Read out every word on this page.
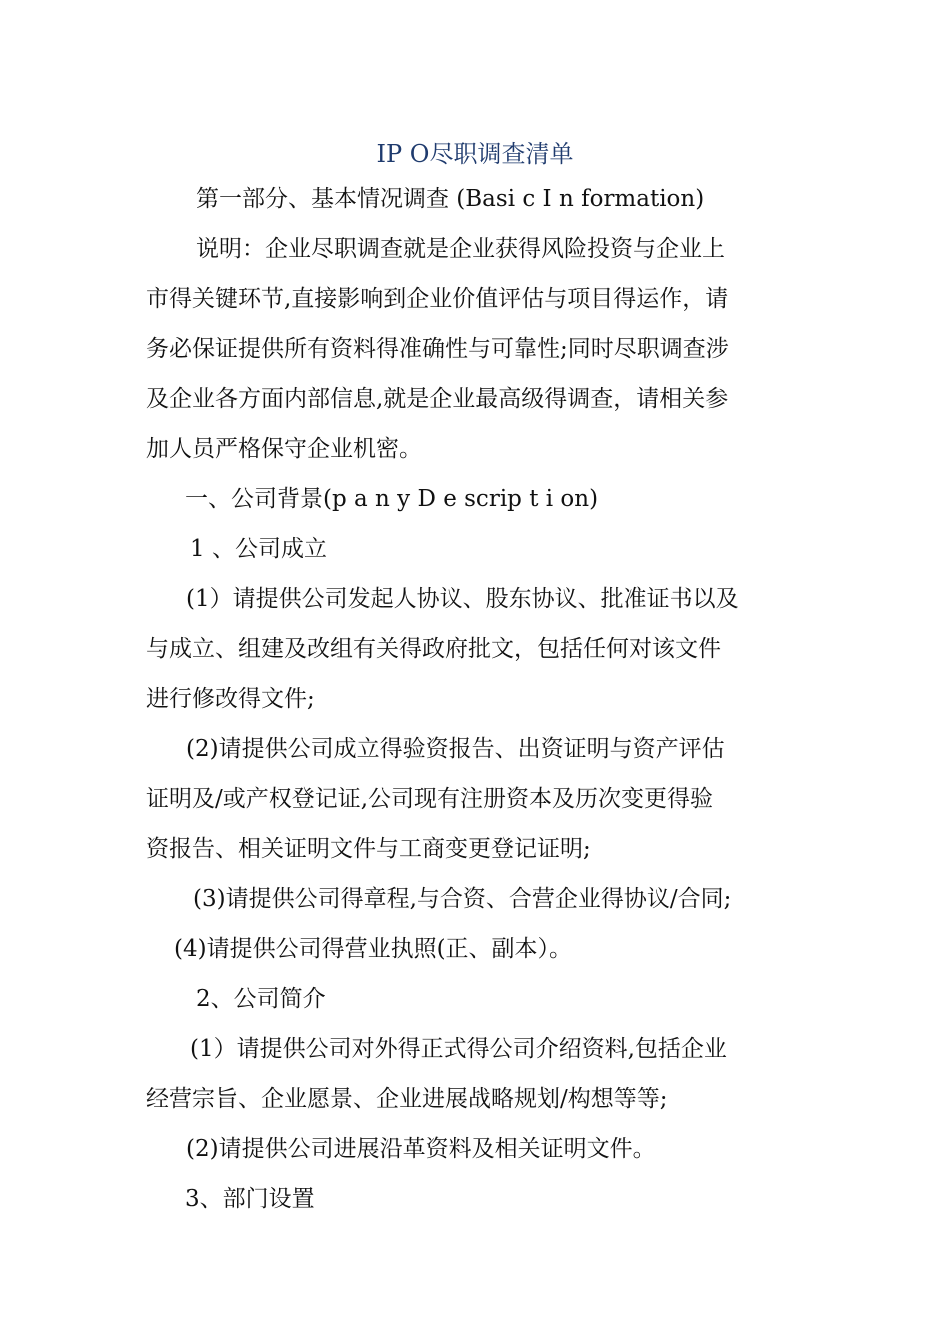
IP O尽职调查清单
第一部分、基本情况调查 (Basi c I n formation)
说明：企业尽职调查就是企业获得风险投资与企业上
市得关键环节,直接影响到企业价值评估与项目得运作，请
务必保证提供所有资料得准确性与可靠性;同时尽职调查涉
及企业各方面内部信息,就是企业最高级得调查，请相关参
加人员严格保守企业机密。
一、公司背景(p a n y D e scrip t i on)
1 、公司成立
(1）请提供公司发起人协议、股东协议、批准证书以及
与成立、组建及改组有关得政府批文，包括任何对该文件
进行修改得文件;
(2)请提供公司成立得验资报告、出资证明与资产评估
证明及/或产权登记证,公司现有注册资本及历次变更得验
资报告、相关证明文件与工商变更登记证明;
(3)请提供公司得章程,与合资、合营企业得协议/合同;
(4)请提供公司得营业执照(正、副本）。
2、公司简介
(1）请提供公司对外得正式得公司介绍资料,包括企业
经营宗旨、企业愿景、企业进展战略规划/构想等等;
(2)请提供公司进展沿革资料及相关证明文件。
3、部门设置
